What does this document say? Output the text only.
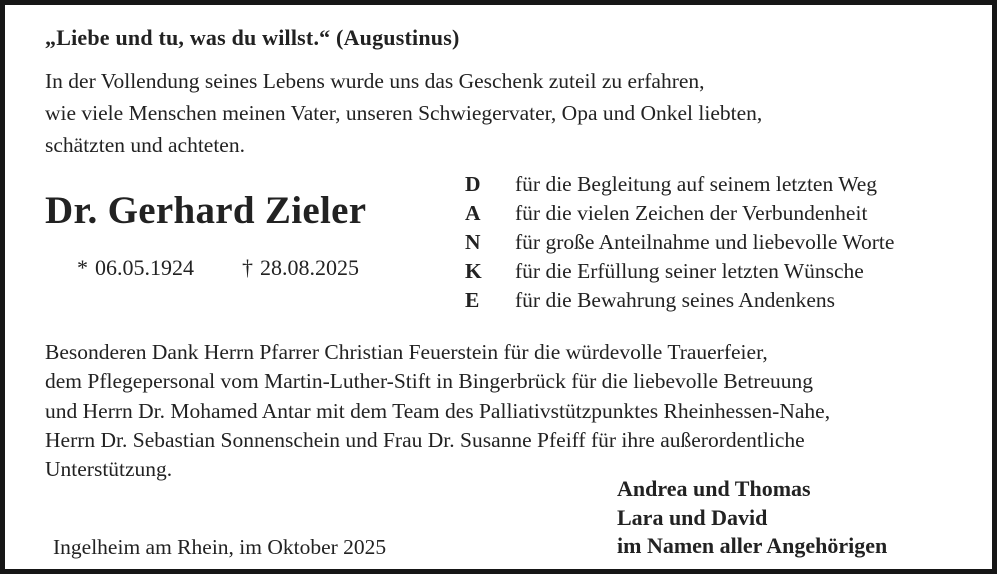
„Liebe und tu, was du willst.“ (Augustinus)
In der Vollendung seines Lebens wurde uns das Geschenk zuteil zu erfahren,
wie viele Menschen meinen Vater, unseren Schwiegervater, Opa und Onkel liebten,
schätzten und achteten.
Dr. Gerhard Zieler
* 06.05.1924 † 28.08.2025
D	für die Begleitung auf seinem letzten Weg
A	für die vielen Zeichen der Verbundenheit
N	für große Anteilnahme und liebevolle Worte
K	für die Erfüllung seiner letzten Wünsche
E	für die Bewahrung seines Andenkens
Besonderen Dank Herrn Pfarrer Christian Feuerstein für die würdevolle Trauerfeier,
dem Pflegepersonal vom Martin-Luther-Stift in Bingerbrück für die liebevolle Betreuung
und Herrn Dr. Mohamed Antar mit dem Team des Palliativstützpunktes Rheinhessen-Nahe,
Herrn Dr. Sebastian Sonnenschein und Frau Dr. Susanne Pfeiff für ihre außerordentliche
Unterstützung.
Andrea und Thomas
Lara und David
im Namen aller Angehörigen
Ingelheim am Rhein, im Oktober 2025
